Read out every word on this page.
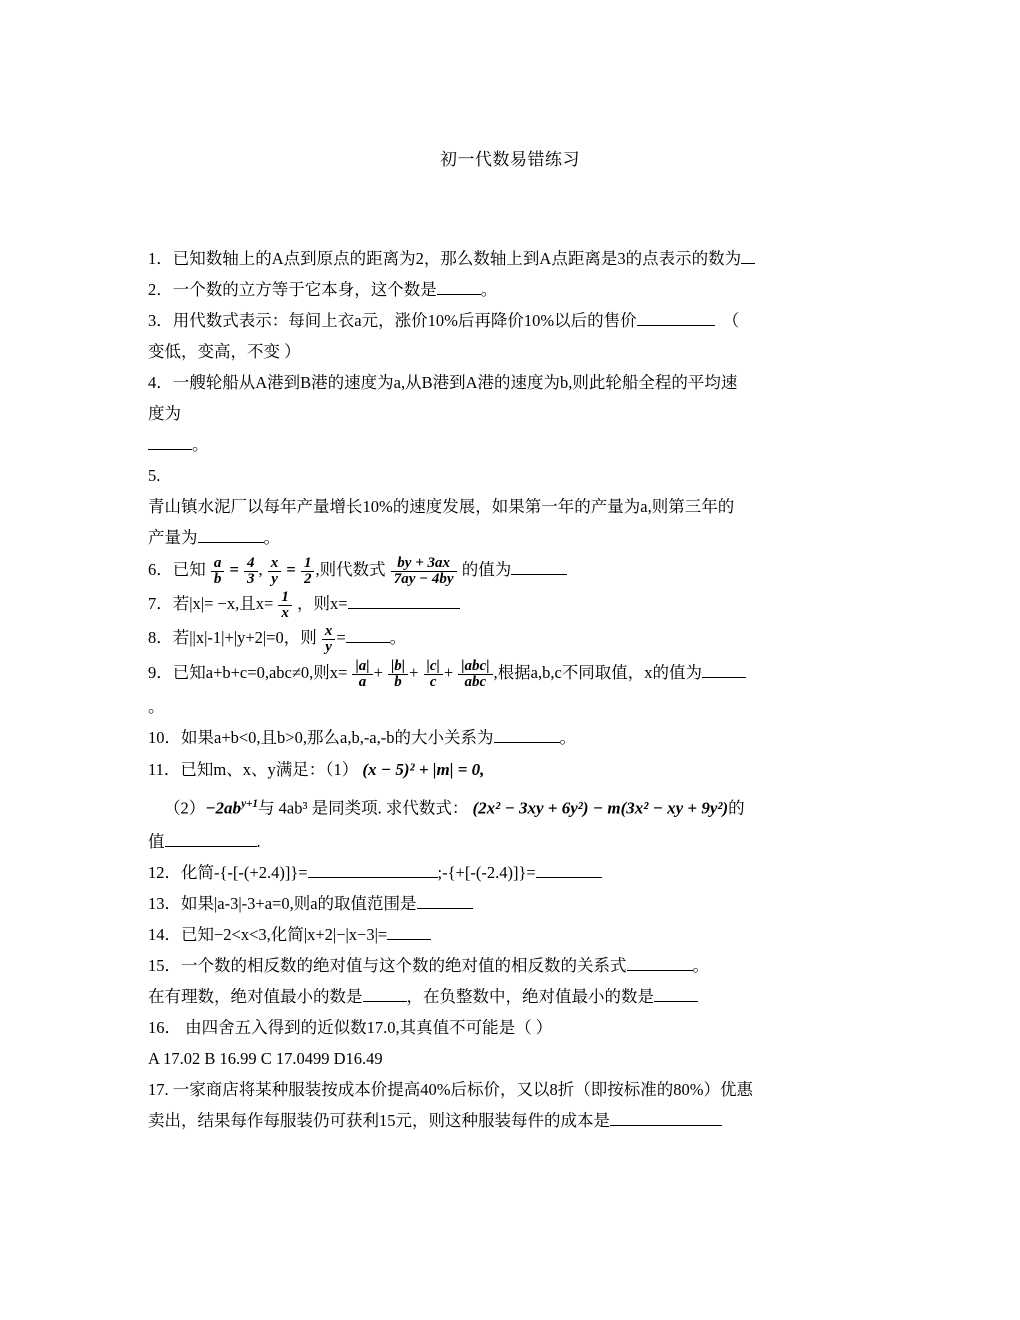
初一代数易错练习
1．已知数轴上的A点到原点的距离为2，那么数轴上到A点距离是3的点表示的数为
2．一个数的立方等于它本身，这个数是	。
3．用代数式表示：每间上衣a元，涨价10%后再降价10%以后的售价	（
变低，变高，不变 ）
4．一艘轮船从A港到B港的速度为a,从B港到A港的速度为b,则此轮船全程的平均速
度为
。
5.
青山镇水泥厂以每年产量增长10%的速度发展，如果第一年的产量为a,则第三年的
产量为	。
6．已知 $\frac{a}{b} = \frac{4}{3}$ , $\frac{x}{y} = \frac{1}{2}$ ,则代数式 $\frac{by + 3ax}{7ay - 4by}$ 的值为
7．若|x|= −x,且$x= \frac{1}{x}$ ，则x=
8．若||x|-1|+|y+2|=0，则 $\frac{x}{y}$ =	。
9．已知a+b+c=0,abc≠0,则$x= \frac{|a|}{a} + \frac{|b|}{b} + \frac{|c|}{c} + \frac{\text{|abc|}}{\text{abc}}$ ,根据a,b,c不同取值，x的值为
。
10．如果a+b<0,且b>0,那么a,b,-a,-b的大小关系为	。
11．已知m、x、y满足：（1） (x − 5)² + |m| = 0,
$(2)-2ab^{y+1}$与 4ab³ 是同类项. 求代数式： (2x² − 3xy + 6y²) − m(3x² − xy + 9y²)的
值	.
12．化简-{-[-(+2.4)]}=	;-{+[-(-2.4)]}=
13．如果|a-3|-3+a=0,则a的取值范围是
14．已知−2<x<3,化简|x+2|−|x−3|=
15．一个数的相反数的绝对值与这个数的绝对值的相反数的关系式	。
在有理数，绝对值最小的数是	，在负整数中，绝对值最小的数是
16． 由四舍五入得到的近似数17.0,其真值不可能是（ ）
A 17.02 B 16.99 C 17.0499 D16.49
17. 一家商店将某种服装按成本价提高40%后标价，又以8折（即按标准的80%）优惠
卖出，结果每作每服装仍可获利15元，则这种服装每件的成本是
